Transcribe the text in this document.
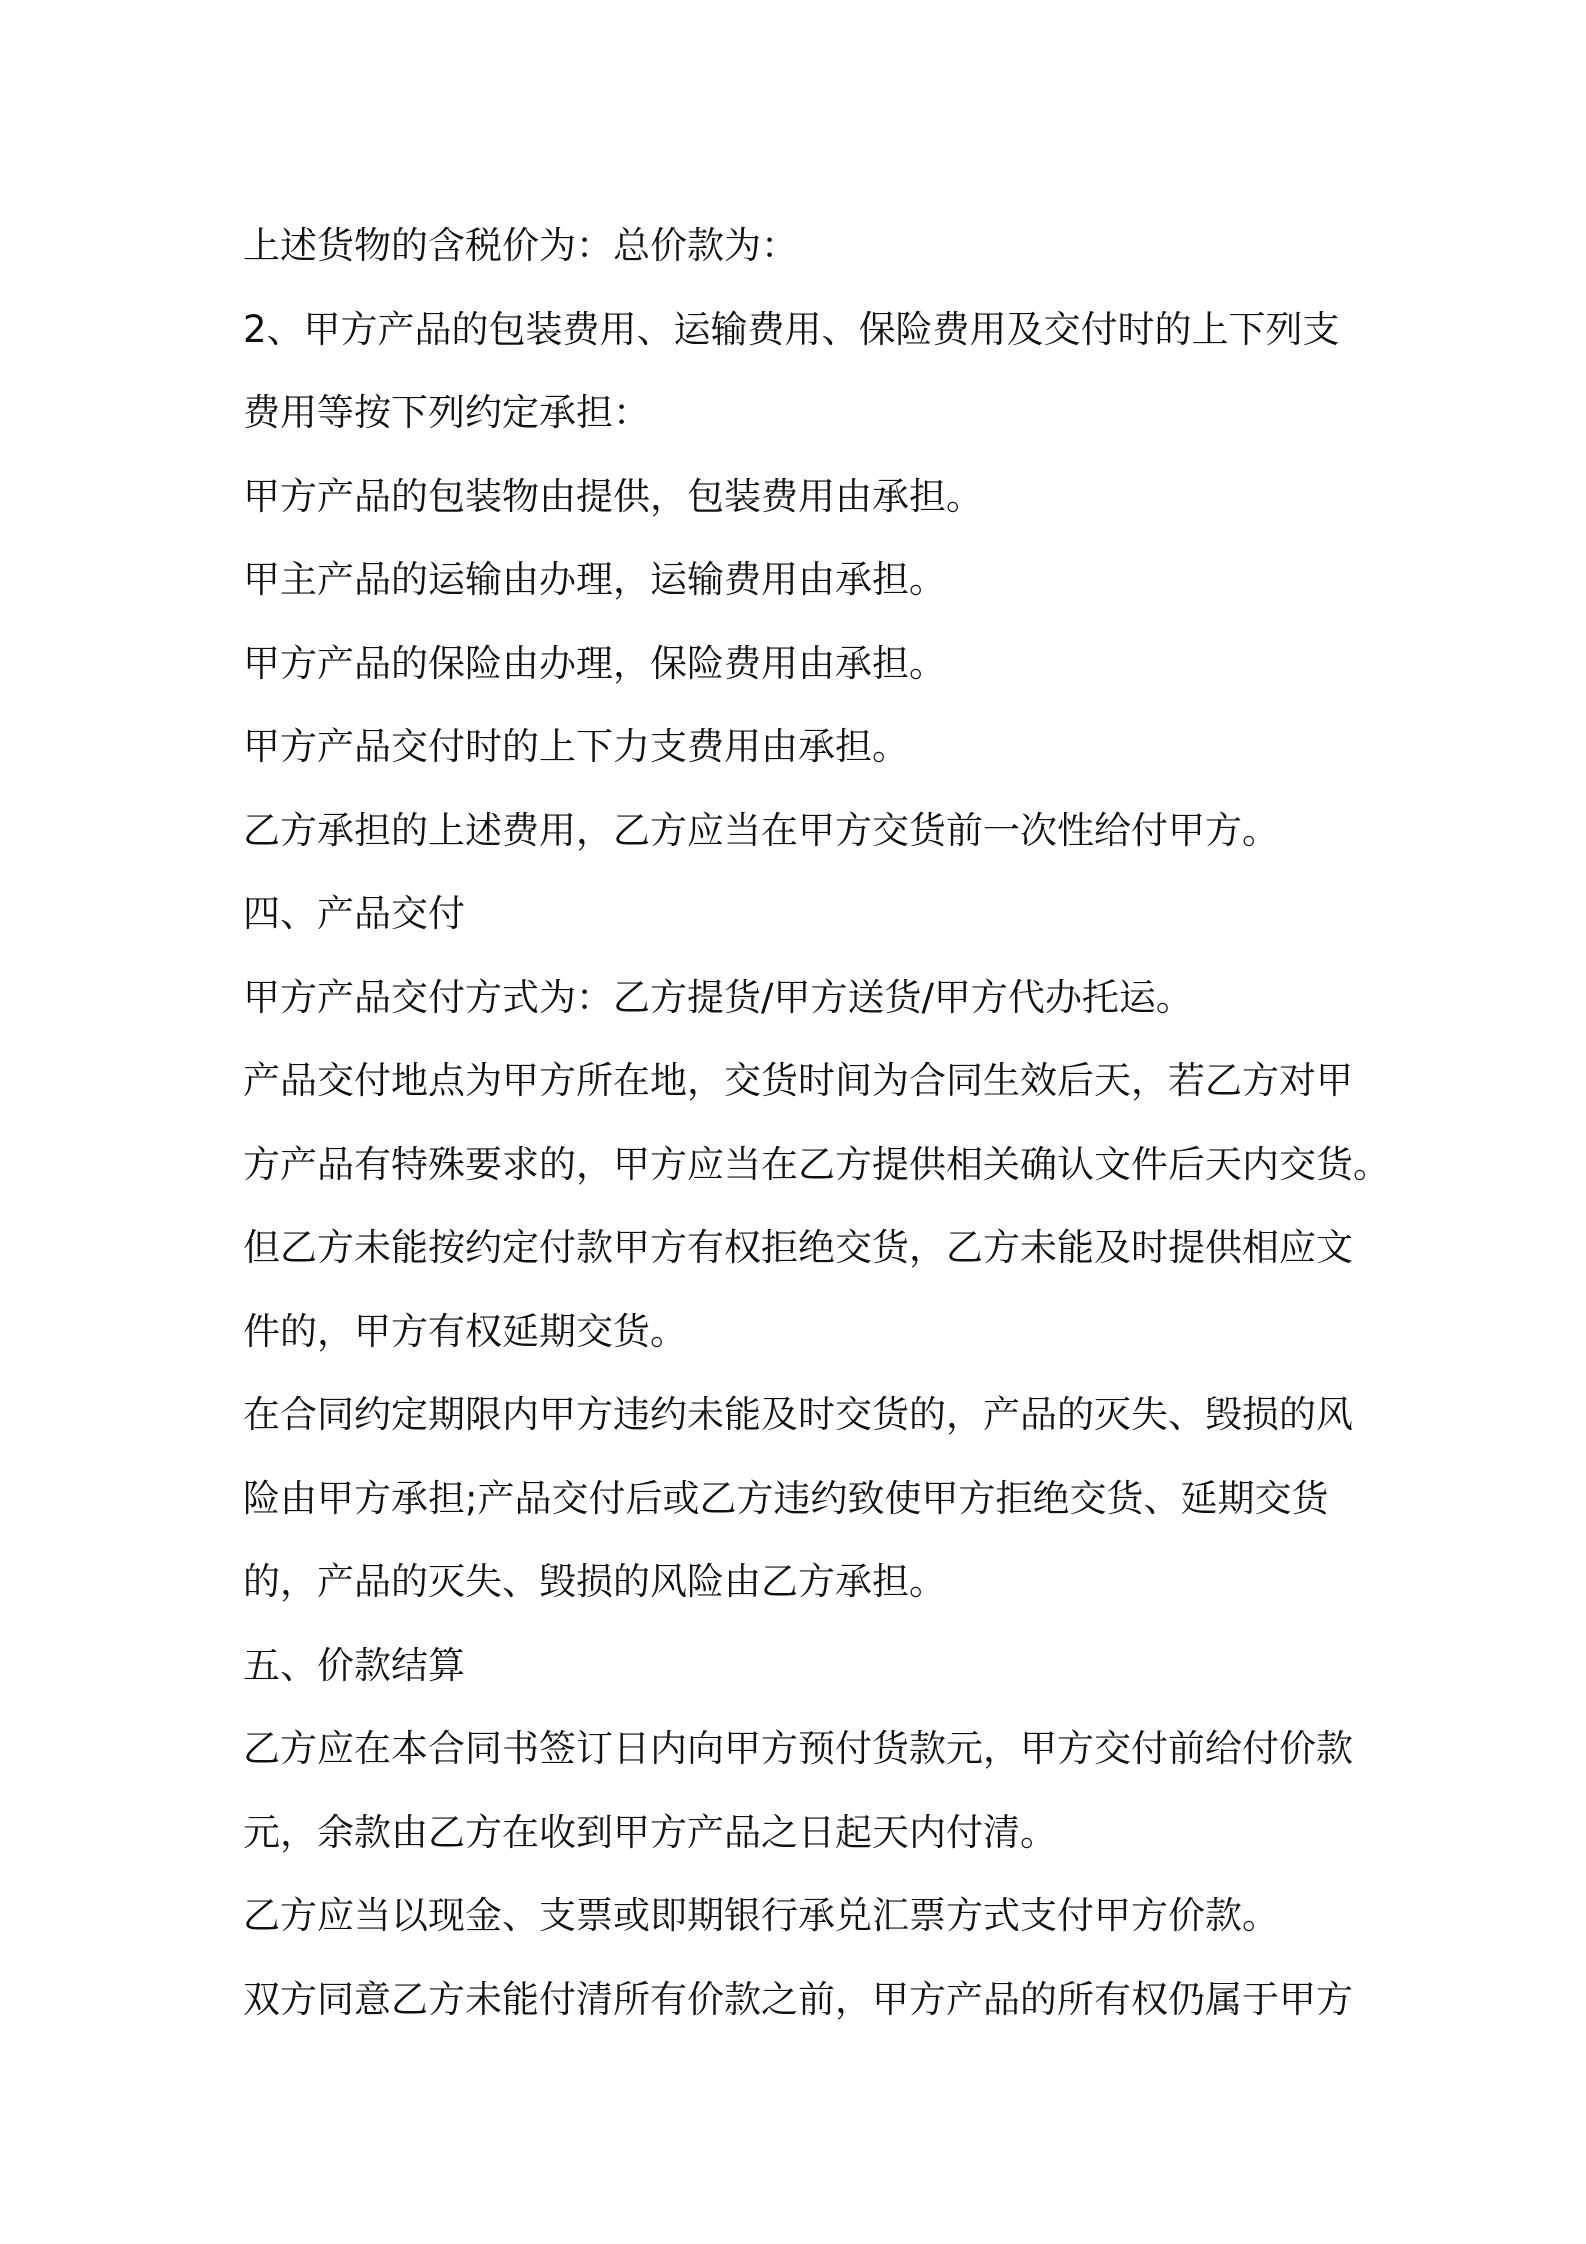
上述货物的含税价为：总价款为：
2、甲方产品的包装费用、运输费用、保险费用及交付时的上下列支
费用等按下列约定承担：
甲方产品的包装物由提供，包装费用由承担。
甲主产品的运输由办理，运输费用由承担。
甲方产品的保险由办理，保险费用由承担。
甲方产品交付时的上下力支费用由承担。
乙方承担的上述费用，乙方应当在甲方交货前一次性给付甲方。
四、产品交付
甲方产品交付方式为：乙方提货/甲方送货/甲方代办托运。
产品交付地点为甲方所在地，交货时间为合同生效后天，若乙方对甲
方产品有特殊要求的，甲方应当在乙方提供相关确认文件后天内交货。
但乙方未能按约定付款甲方有权拒绝交货，乙方未能及时提供相应文
件的，甲方有权延期交货。
在合同约定期限内甲方违约未能及时交货的，产品的灭失、毁损的风
险由甲方承担;产品交付后或乙方违约致使甲方拒绝交货、延期交货
的，产品的灭失、毁损的风险由乙方承担。
五、价款结算
乙方应在本合同书签订日内向甲方预付货款元，甲方交付前给付价款
元，余款由乙方在收到甲方产品之日起天内付清。
乙方应当以现金、支票或即期银行承兑汇票方式支付甲方价款。
双方同意乙方未能付清所有价款之前，甲方产品的所有权仍属于甲方
